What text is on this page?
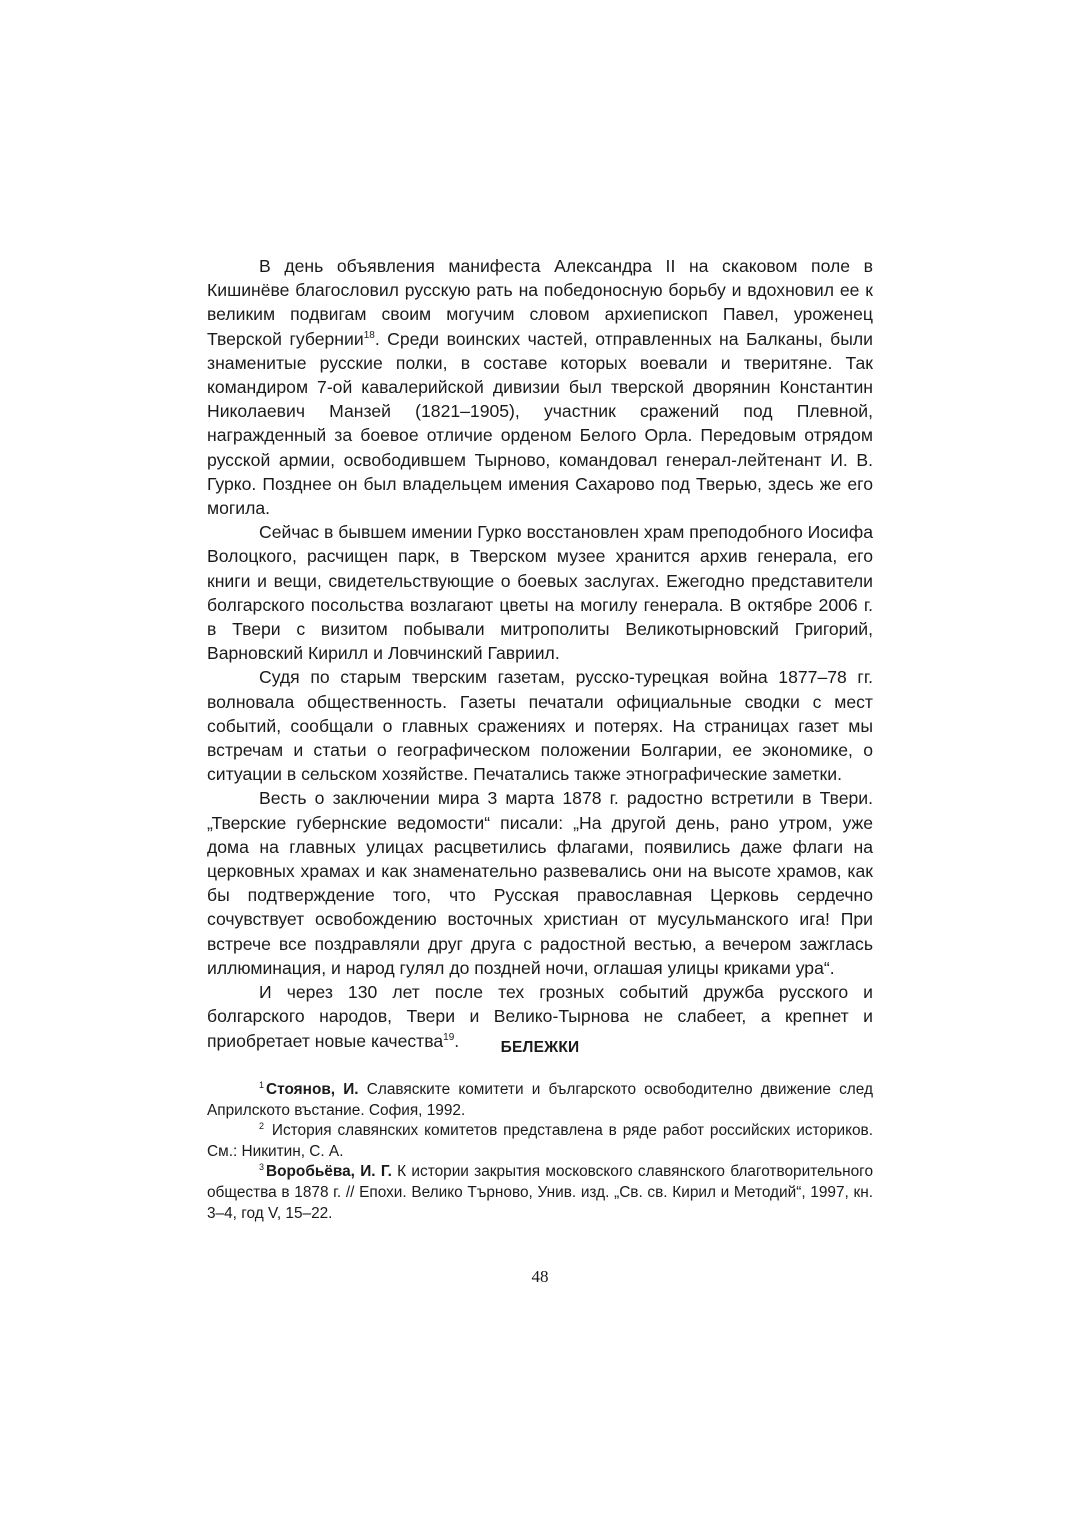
В день объявления манифеста Александра II на скаковом поле в Кишинёве благословил русскую рать на победоносную борьбу и вдохновил ее к великим подвигам своим могучим словом архиепископ Павел, уроженец Тверской губернии$^{18}$. Среди воинских частей, отправленных на Балканы, были знаменитые русские полки, в составе которых воевали и тверитяне. Так командиром 7-ой кавалерийской дивизии был тверской дворянин Константин Николаевич Манзей (1821–1905), участник сражений под Плевной, награжденный за боевое отличие орденом Белого Орла. Передовым отрядом русской армии, освободившем Тырново, командовал генерал-лейтенант И. В. Гурко. Позднее он был владельцем имения Сахарово под Тверью, здесь же его могила.

Сейчас в бывшем имении Гурко восстановлен храм преподобного Иосифа Волоцкого, расчищен парк, в Тверском музее хранится архив генерала, его книги и вещи, свидетельствующие о боевых заслугах. Ежегодно представители болгарского посольства возлагают цветы на могилу генерала. В октябре 2006 г. в Твери с визитом побывали митрополиты Великотырновский Григорий, Варновский Кирилл и Ловчинский Гавриил.

Судя по старым тверским газетам, русско-турецкая война 1877–78 гг. волновала общественность. Газеты печатали официальные сводки с мест событий, сообщали о главных сражениях и потерях. На страницах газет мы встречам и статьи о географическом положении Болгарии, ее экономике, о ситуации в сельском хозяйстве. Печатались также этнографические заметки.

Весть о заключении мира 3 марта 1878 г. радостно встретили в Твери. „Тверские губернские ведомости“ писали: „На другой день, рано утром, уже дома на главных улицах расцветились флагами, появились даже флаги на церковных храмах и как знаменательно развевались они на высоте храмов, как бы подтверждение того, что Русская православная Церковь сердечно сочувствует освобождению восточных христиан от мусульманского ига! При встрече все поздравляли друг друга с радостной вестью, а вечером зажглась иллюминация, и народ гулял до поздней ночи, оглашая улицы криками ура“.

И через 130 лет после тех грозных событий дружба русского и болгарского народов, Твери и Велико-Тырнова не слабеет, а крепнет и приобретает новые качества$^{19}$.	БЕЛЕЖКИ

$^1$ Стоянов, И. Славяските комитети и българското освободително движение след Априлското въстание. София, 1992.

$^2$ История славянских комитетов представлена в ряде работ российских историков. См.: Никитин, С. А.

$^3$ Воробьёва, И. Г. К истории закрытия московского славянского благотворительного общества в 1878 г. // Епохи. Велико Търново, Унив. изд. „Св. св. Кирил и Методий“, 1997, кн. 3–4, год V, 15–22.

48
